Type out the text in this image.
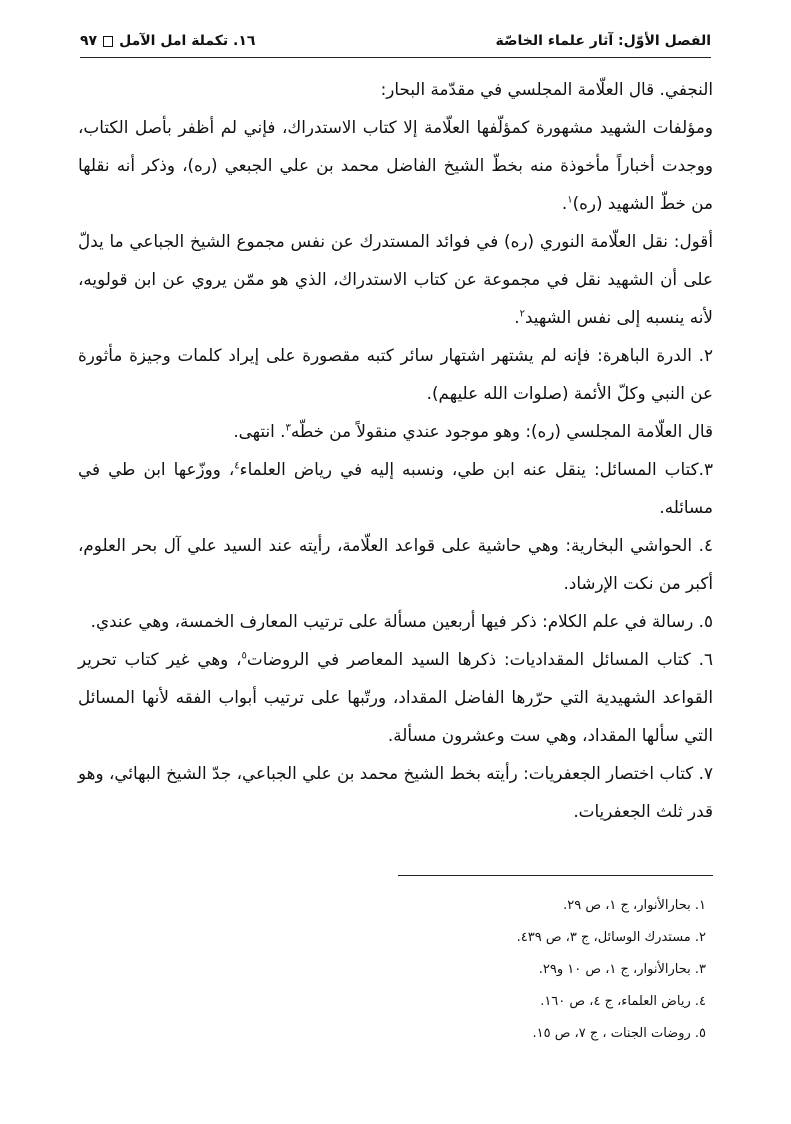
الفصل الأوّل: آثار علماء الخاصّة
١٦. تكملة امل الآمل
٩٧

النجفي. قال العلّامة المجلسي في مقدّمة البحار:

ومؤلفات الشهيد مشهورة كمؤلّفها العلّامة إلا كتاب الاستدراك، فإني لم أظفر بأصل الكتاب، ووجدت أخباراً مأخوذة منه بخطّ الشيخ الفاضل محمد بن علي الجبعي (ره)، وذكر أنه نقلها من خطّ الشهيد (ره)$^١$.

أقول: نقل العلّامة النوري (ره) في فوائد المستدرك عن نفس مجموع الشيخ الجباعي ما يدلّ على أن الشهيد نقل في مجموعة عن كتاب الاستدراك، الذي هو ممّن يروي عن ابن قولويه، لأنه ينسبه إلى نفس الشهيد$^٢$.

٢. الدرة الباهرة: فإنه لم يشتهر اشتهار سائر كتبه مقصورة على إيراد كلمات وجيزة مأثورة عن النبي وكلّ الأئمة (صلوات الله عليهم).

قال العلّامة المجلسي (ره): وهو موجود عندي منقولاً من خطّه$^٣$. انتهى.

٣.كتاب المسائل: ينقل عنه ابن طي، ونسبه إليه في رياض العلماء$^٤$، ووزّعها ابن طي في مسائله.

٤. الحواشي البخارية: وهي حاشية على قواعد العلّامة، رأيته عند السيد علي آل بحر العلوم، أكبر من نكت الإرشاد.

٥. رسالة في علم الكلام: ذكر فيها أربعين مسألة على ترتيب المعارف الخمسة، وهي عندي.

٦. كتاب المسائل المقداديات: ذكرها السيد المعاصر في الروضات$^٥$، وهي غير كتاب تحرير القواعد الشهيدية التي حرّرها الفاضل المقداد، ورتّبها على ترتيب أبواب الفقه لأنها المسائل التي سألها المقداد، وهي ست وعشرون مسألة.

٧. كتاب اختصار الجعفريات: رأيته بخط الشيخ محمد بن علي الجباعي، جدّ الشيخ البهائي، وهو قدر ثلث الجعفريات.

١. بحارالأنوار، ج ١، ص ٢٩.
٢. مستدرك الوسائل، ج ٣، ص ٤٣٩.
٣. بحارالأنوار، ج ١، ص ١٠ و٢٩.
٤. رياض العلماء، ج ٤، ص ١٦٠.
٥. روضات الجنات ، ج ٧، ص ١٥.
